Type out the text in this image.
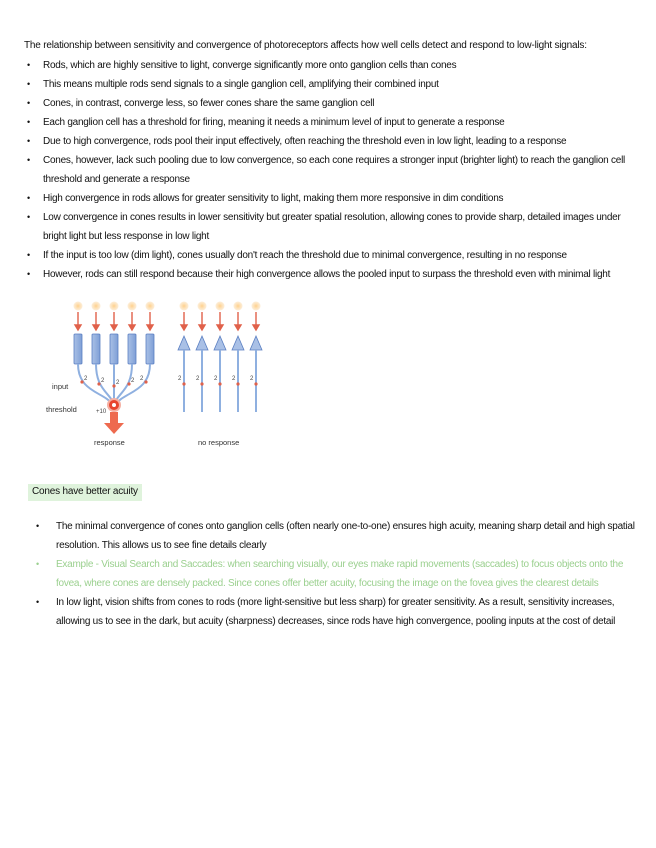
The relationship between sensitivity and convergence of photoreceptors affects how well cells detect and respond to low-light signals:
• Rods, which are highly sensitive to light, converge significantly more onto ganglion cells than cones
• This means multiple rods send signals to a single ganglion cell, amplifying their combined input
• Cones, in contrast, converge less, so fewer cones share the same ganglion cell
• Each ganglion cell has a threshold for firing, meaning it needs a minimum level of input to generate a response
• Due to high convergence, rods pool their input effectively, often reaching the threshold even in low light, leading to a response
• Cones, however, lack such pooling due to low convergence, so each cone requires a stronger input (brighter light) to reach the ganglion cell threshold and generate a response
• High convergence in rods allows for greater sensitivity to light, making them more responsive in dim conditions
• Low convergence in cones results in lower sensitivity but greater spatial resolution, allowing cones to provide sharp, detailed images under bright light but less response in low light
• If the input is too low (dim light), cones usually don't reach the threshold due to minimal convergence, resulting in no response
• However, rods can still respond because their high convergence allows the pooled input to surpass the threshold even with minimal light
2 2 2 2 2
input
threshold	+10
response
2 2 2 2 2
no response
Cones have better acuity
• The minimal convergence of cones onto ganglion cells (often nearly one-to-one) ensures high acuity, meaning sharp detail and high spatial resolution. This allows us to see fine details clearly
• Example - Visual Search and Saccades: when searching visually, our eyes make rapid movements (saccades) to focus objects onto the fovea, where cones are densely packed. Since cones offer better acuity, focusing the image on the fovea gives the clearest details
• In low light, vision shifts from cones to rods (more light-sensitive but less sharp) for greater sensitivity. As a result, sensitivity increases, allowing us to see in the dark, but acuity (sharpness) decreases, since rods have high convergence, pooling inputs at the cost of detail
